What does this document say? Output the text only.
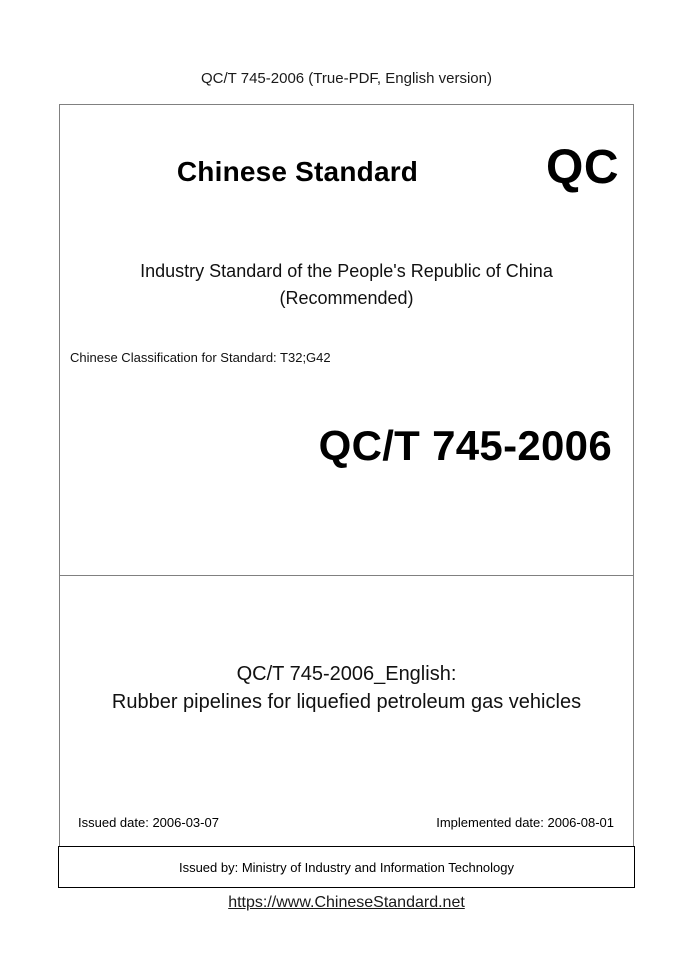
QC/T 745-2006 (True-PDF, English version)
Chinese Standard	QC
Industry Standard of the People's Republic of China
(Recommended)
Chinese Classification for Standard: T32;G42
QC/T 745-2006
QC/T 745-2006_English:
Rubber pipelines for liquefied petroleum gas vehicles
Issued date: 2006-03-07	Implemented date: 2006-08-01
Issued by: Ministry of Industry and Information Technology
https://www.ChineseStandard.net
